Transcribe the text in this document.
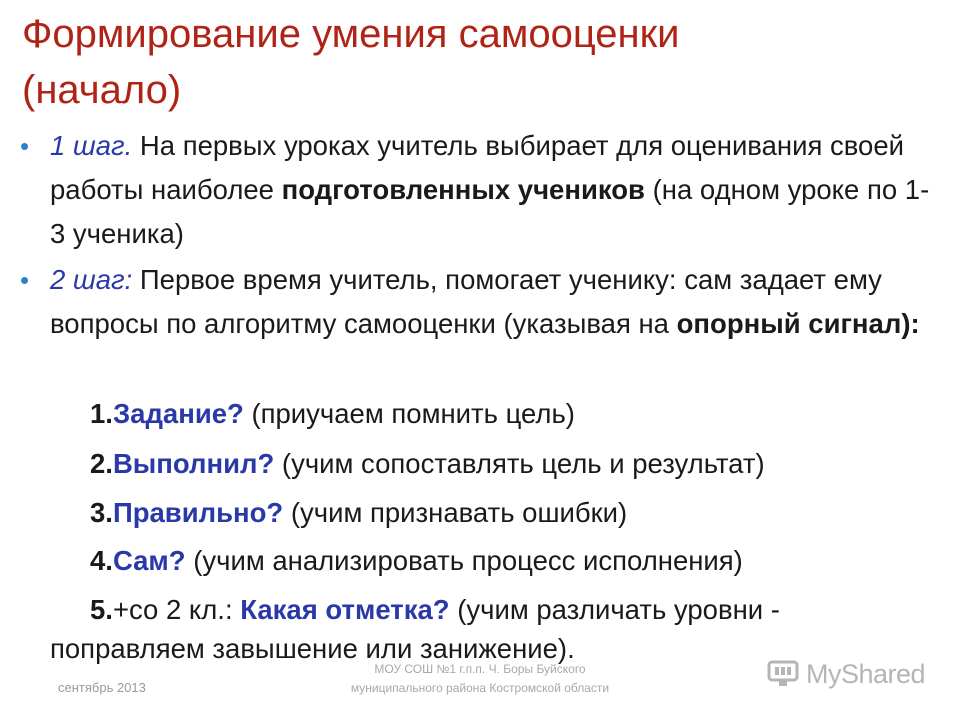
Формирование умения самооценки
(начало)
• 1 шаг. На первых уроках учитель выбирает для оценивания своей работы наиболее подготовленных учеников (на одном уроке по 1-3 ученика)
• 2 шаг: Первое время учитель, помогает ученику: сам задает ему вопросы по алгоритму самооценки (указывая на опорный сигнал):
1.Задание? (приучаем помнить цель)
2.Выполнил? (учим сопоставлять цель и результат)
3.Правильно? (учим признавать ошибки)
4.Сам? (учим анализировать процесс исполнения)
5.+со 2 кл.: Какая отметка? (учим различать уровни -
поправляем завышение или занижение).
сентябрь 2013
МОУ СОШ №1 г.п.п. Ч. Боры Буйского муниципального района Костромской области	MyShared
